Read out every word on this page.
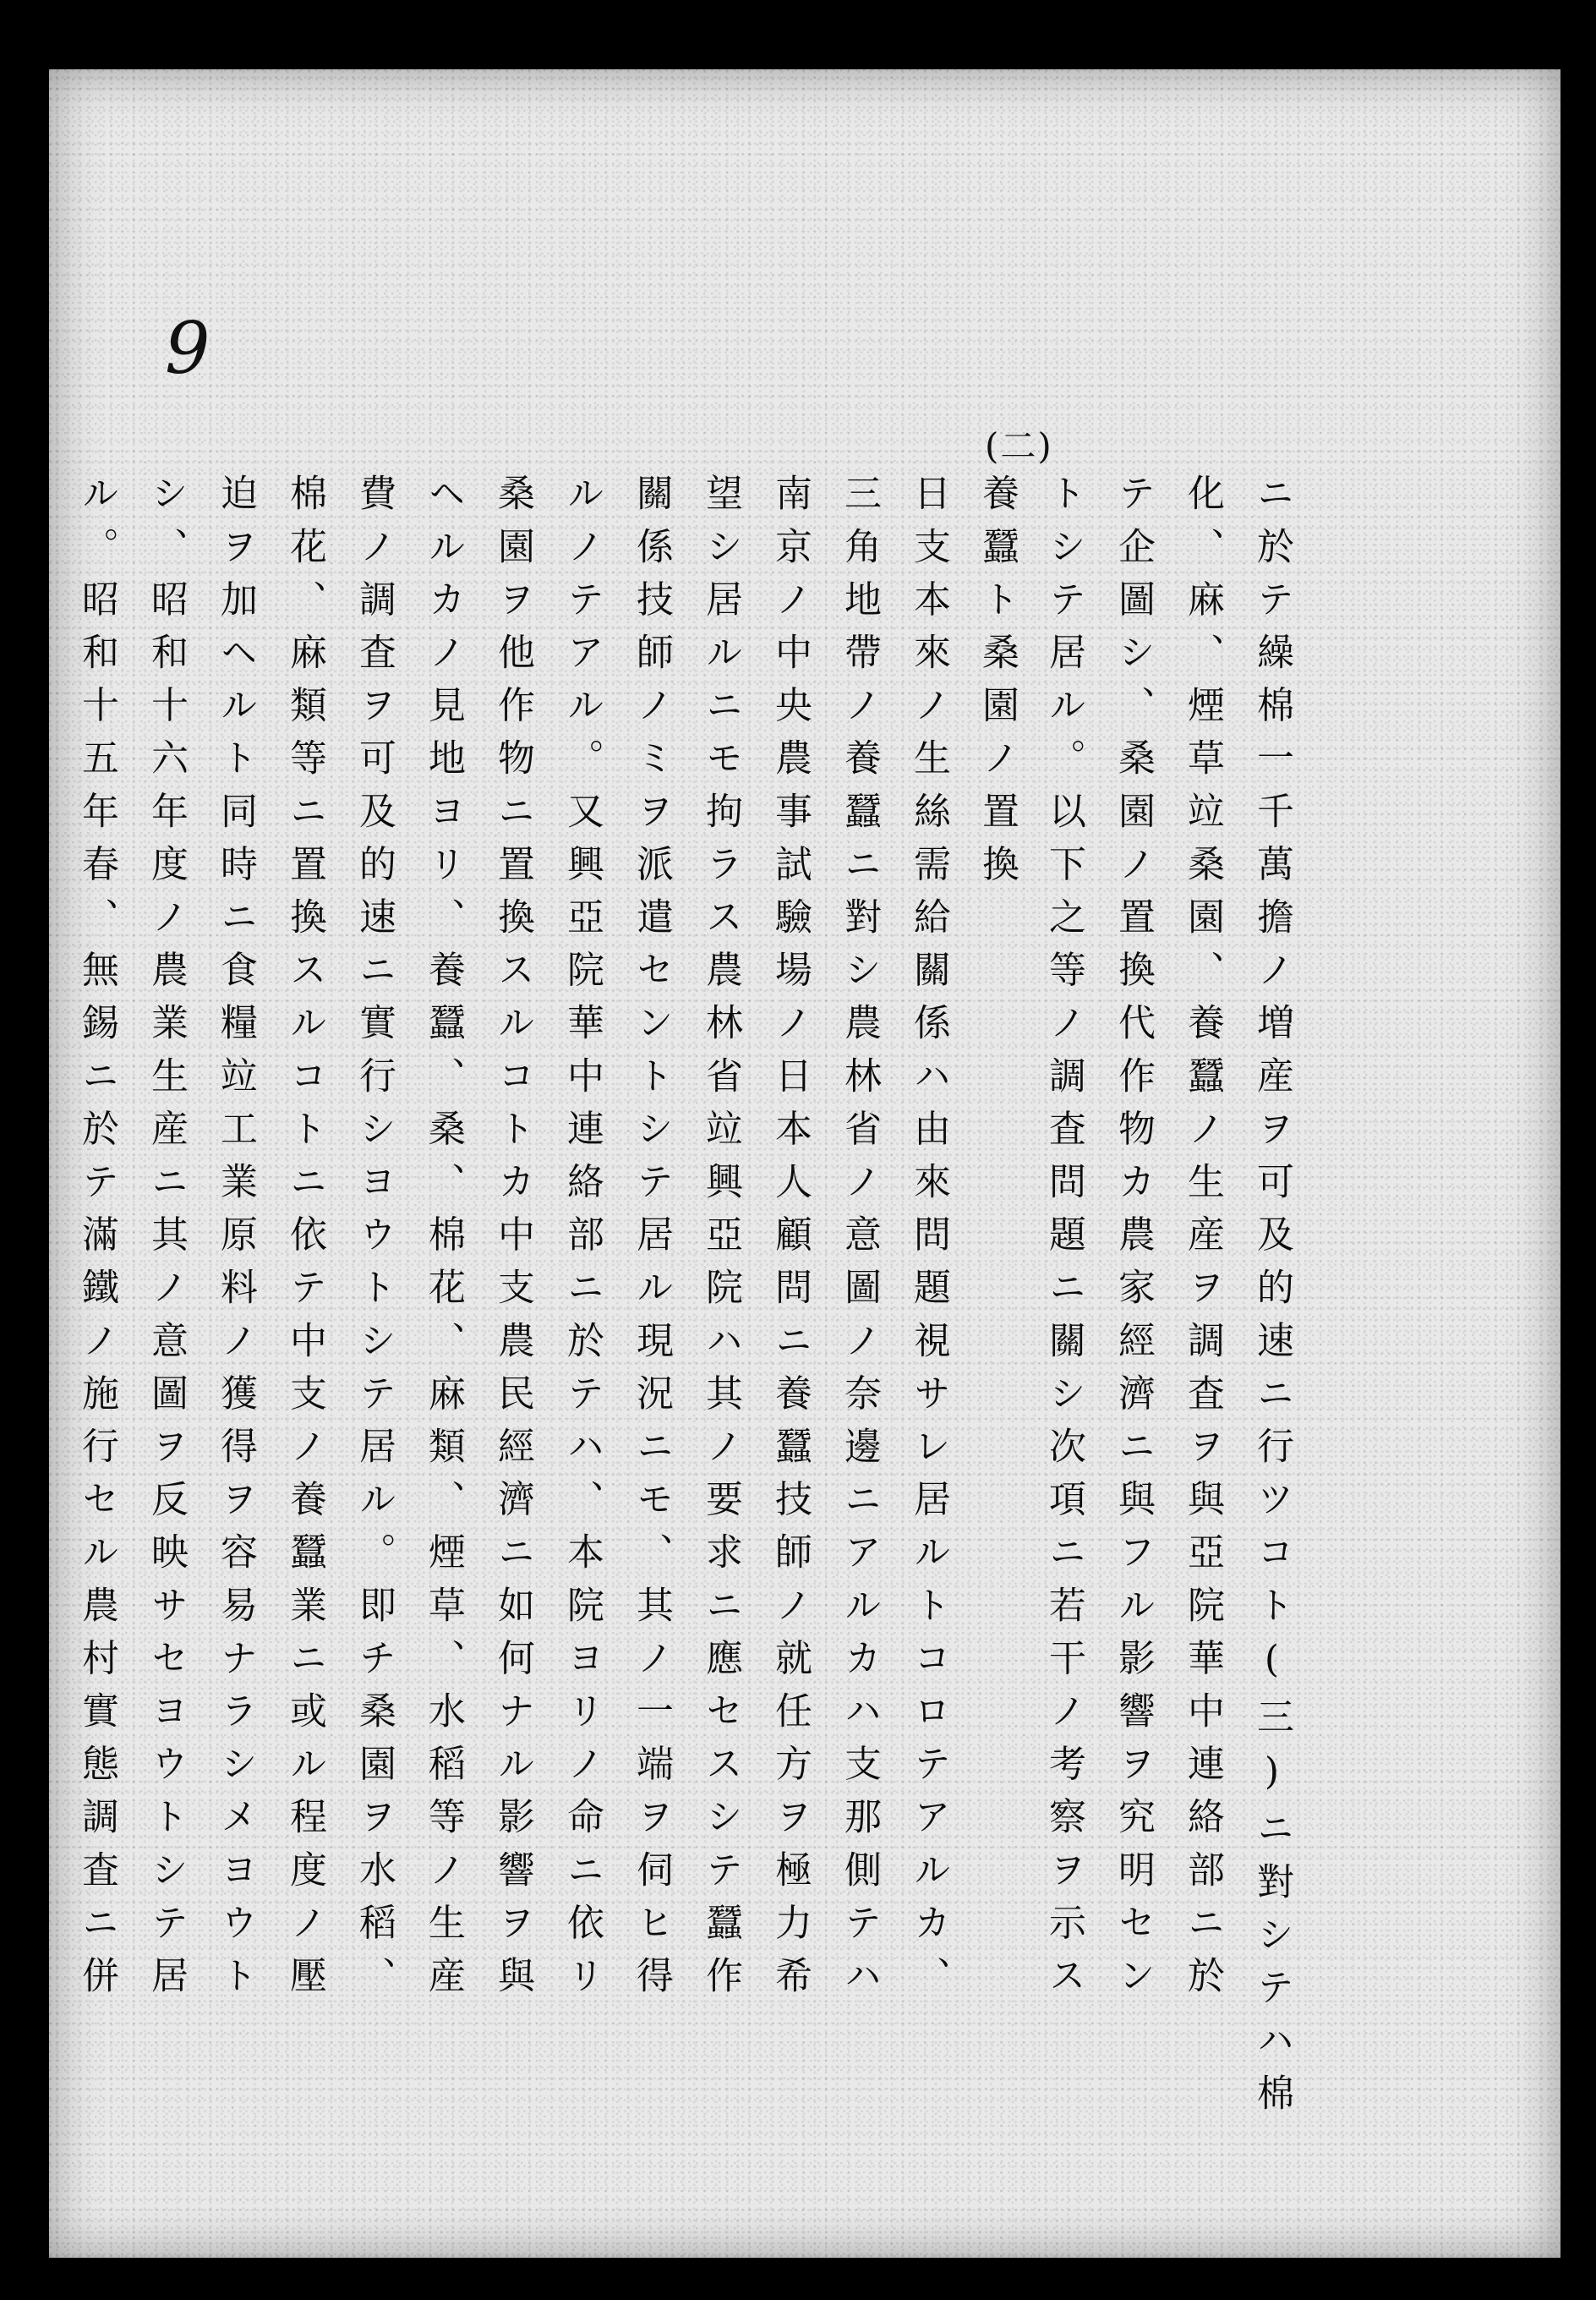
9
(二)
ニ於テ繰棉一千萬擔ノ増産ヲ可及的速ニ行ツコト(三)ニ對シテハ棉
化、麻、煙草竝桑園、養蠶ノ生産ヲ調査ヲ與亞院華中連絡部ニ於
テ企圖シ、桑園ノ置換代作物カ農家經濟ニ與フル影響ヲ究明セン
トシテ居ル。以下之等ノ調査問題ニ關シ次項ニ若干ノ考察ヲ示ス
養蠶ト桑園ノ置換
日支本來ノ生絲需給關係ハ由來問題視サレ居ルトコロテアルカ、
三角地帶ノ養蠶ニ對シ農林省ノ意圖ノ奈邊ニアルカハ支那側テハ
南京ノ中央農事試驗場ノ日本人顧問ニ養蠶技師ノ就任方ヲ極力希
望シ居ルニモ拘ラス農林省竝興亞院ハ其ノ要求ニ應セスシテ蠶作
關係技師ノミヲ派遣セントシテ居ル現況ニモ、其ノ一端ヲ伺ヒ得
ルノテアル。又興亞院華中連絡部ニ於テハ、本院ヨリノ命ニ依リ
桑園ヲ他作物ニ置換スルコトカ中支農民經濟ニ如何ナル影響ヲ與
ヘルカノ見地ヨリ、養蠶、桑、棉花、麻類、煙草、水稻等ノ生産
費ノ調査ヲ可及的速ニ實行シヨウトシテ居ル。即チ桑園ヲ水稻、
棉花、麻類等ニ置換スルコトニ依テ中支ノ養蠶業ニ或ル程度ノ壓
迫ヲ加ヘルト同時ニ食糧竝工業原料ノ獲得ヲ容易ナラシメヨウト
シ、昭和十六年度ノ農業生産ニ其ノ意圖ヲ反映サセヨウトシテ居
ル。昭和十五年春、無錫ニ於テ滿鐵ノ施行セル農村實態調査ニ併
